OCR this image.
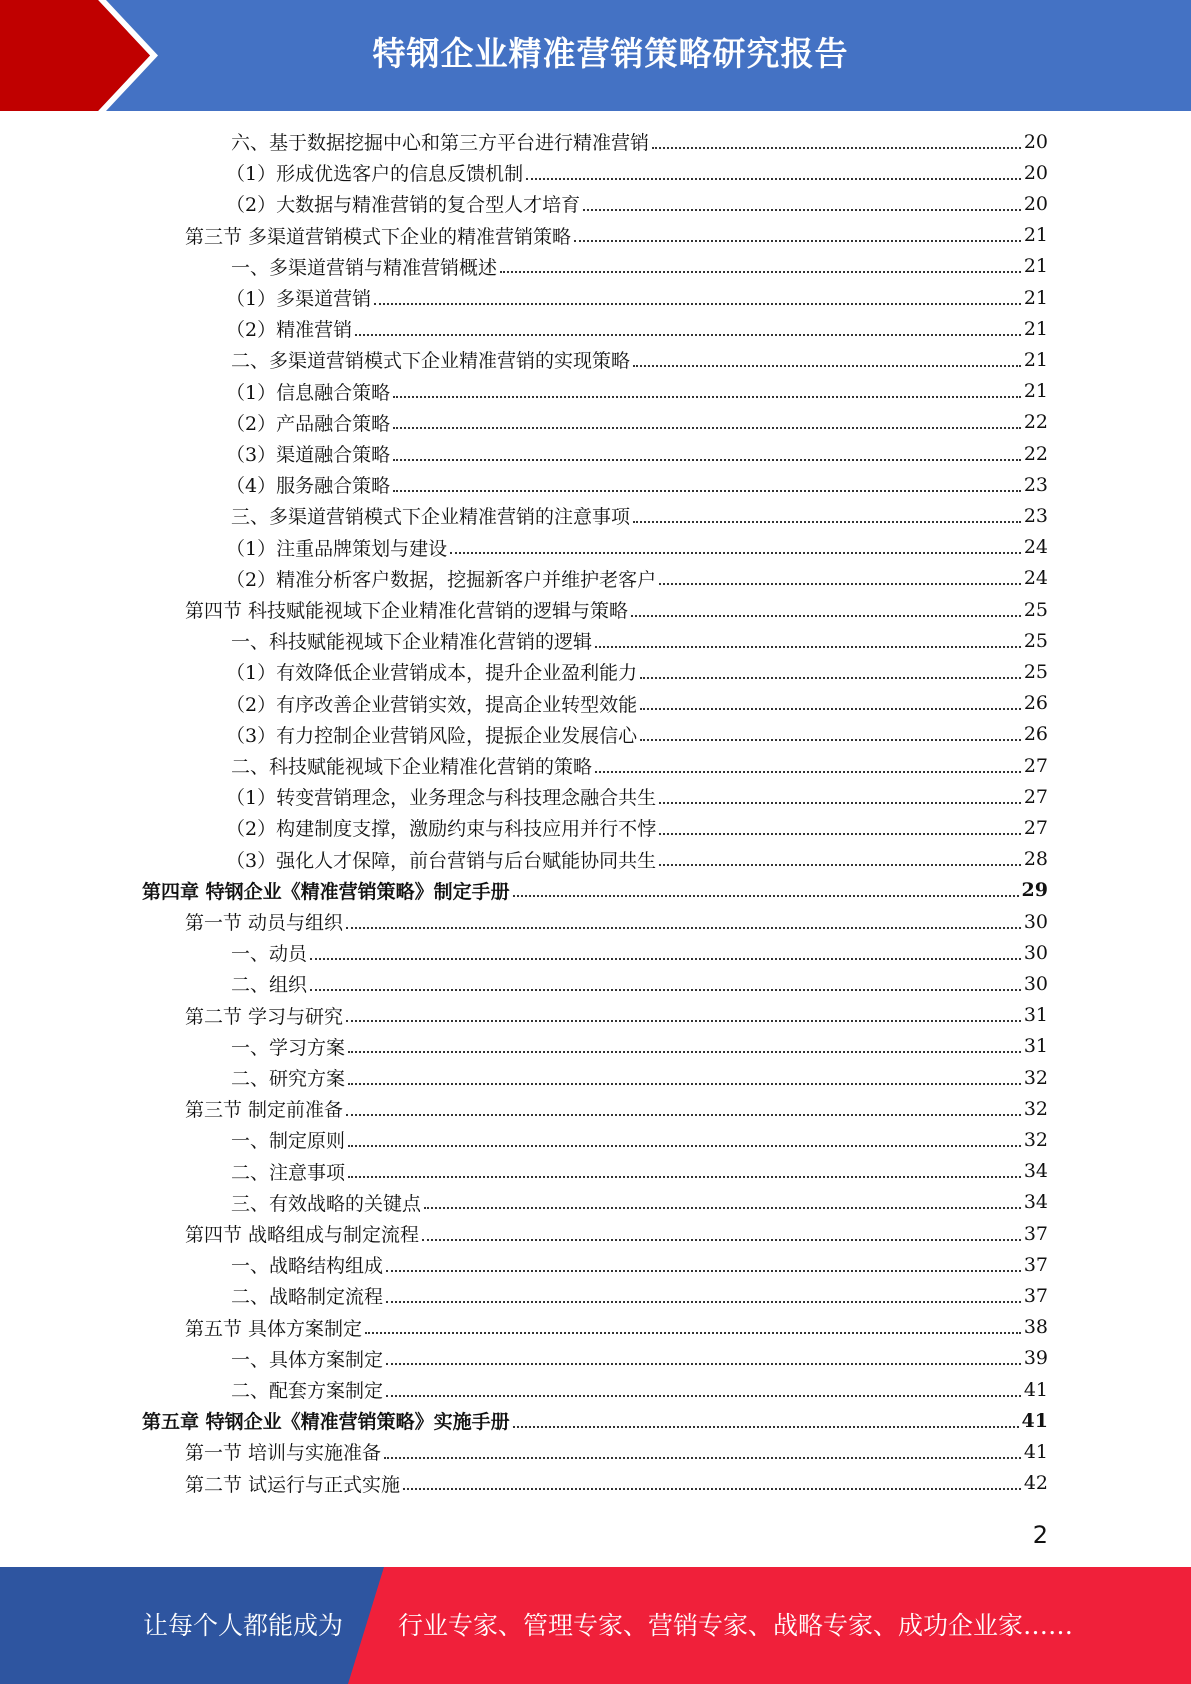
特钢企业精准营销策略研究报告
六、基于数据挖掘中心和第三方平台进行精准营销	20
（1）形成优选客户的信息反馈机制	20
（2）大数据与精准营销的复合型人才培育	20
第三节 多渠道营销模式下企业的精准营销策略	21
一、多渠道营销与精准营销概述	21
（1）多渠道营销	21
（2）精准营销	21
二、多渠道营销模式下企业精准营销的实现策略	21
（1）信息融合策略	21
（2）产品融合策略	22
（3）渠道融合策略	22
（4）服务融合策略	23
三、多渠道营销模式下企业精准营销的注意事项	23
（1）注重品牌策划与建设	24
（2）精准分析客户数据，挖掘新客户并维护老客户	24
第四节 科技赋能视域下企业精准化营销的逻辑与策略	25
一、科技赋能视域下企业精准化营销的逻辑	25
（1）有效降低企业营销成本，提升企业盈利能力	25
（2）有序改善企业营销实效，提高企业转型效能	26
（3）有力控制企业营销风险，提振企业发展信心	26
二、科技赋能视域下企业精准化营销的策略	27
（1）转变营销理念，业务理念与科技理念融合共生	27
（2）构建制度支撑，激励约束与科技应用并行不悖	27
（3）强化人才保障，前台营销与后台赋能协同共生	28
第四章 特钢企业《精准营销策略》制定手册	29
第一节 动员与组织	30
一、动员	30
二、组织	30
第二节 学习与研究	31
一、学习方案	31
二、研究方案	32
第三节 制定前准备	32
一、制定原则	32
二、注意事项	34
三、有效战略的关键点	34
第四节 战略组成与制定流程	37
一、战略结构组成	37
二、战略制定流程	37
第五节 具体方案制定	38
一、具体方案制定	39
二、配套方案制定	41
第五章 特钢企业《精准营销策略》实施手册	41
第一节 培训与实施准备	41
第二节 试运行与正式实施	42
2
让每个人都能成为 行业专家、管理专家、营销专家、战略专家、成功企业家……
